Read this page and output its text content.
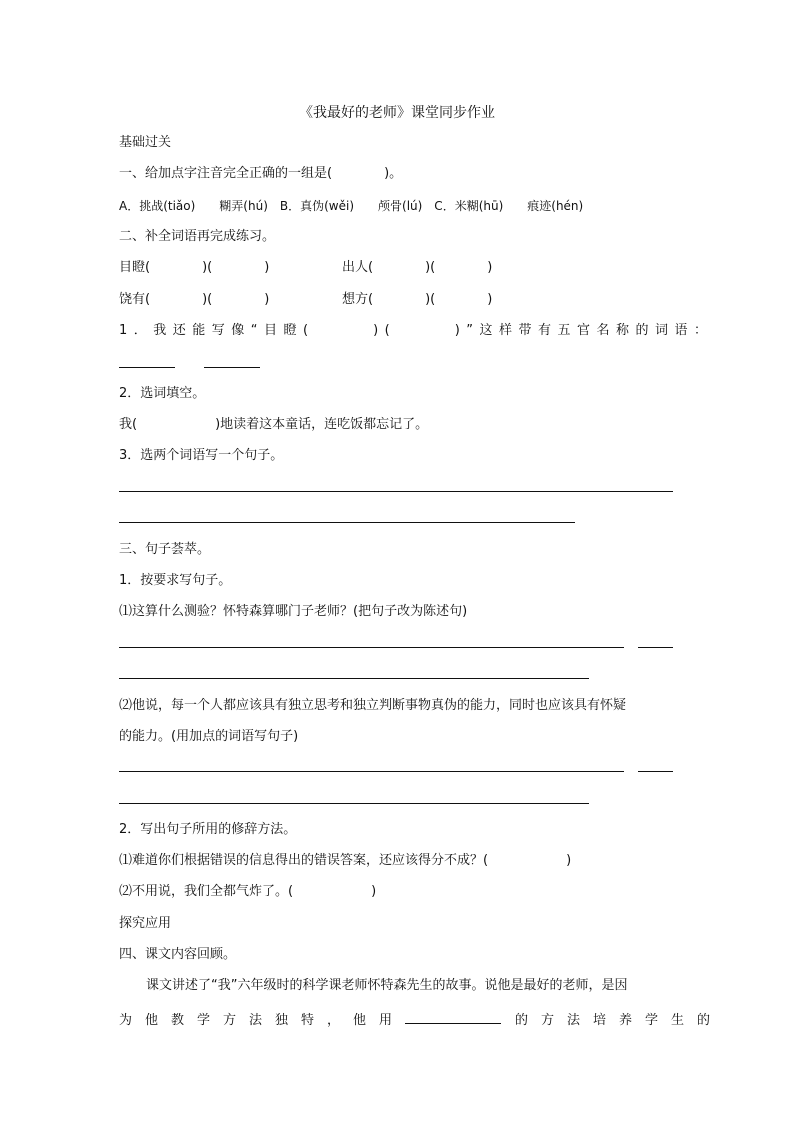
《我最好的老师》课堂同步作业
基础过关
一、给加点字注音完全正确的一组是(　　　　)。
A．挑战(tiǎo)　　糊弄(hú)　B．真伪(wěi)　　颅骨(lú)　C．米糊(hū)　　痕迹(hén)
二、补全词语再完成练习。
目瞪(　　　　)(　　　　)	出人(　　　　)(　　　　)
饶有(　　　　)(　　　　)	想方(　　　　)(　　　　)
1．我还能写像“目瞪(　　　)(　　　)”这样带有五官名称的词语：
2．选词填空。
我(　　　　　　)地读着这本童话，连吃饭都忘记了。
3．选两个词语写一个句子。
三、句子荟萃。
1．按要求写句子。
⑴这算什么测验？怀特森算哪门子老师？(把句子改为陈述句)
⑵他说，每一个人都应该具有独立思考和独立判断事物真伪的能力，同时也应该具有怀疑
的能力。(用加点的词语写句子)
2．写出句子所用的修辞方法。
⑴难道你们根据错误的信息得出的错误答案，还应该得分不成？(　　　　　　)
⑵不用说，我们全都气炸了。(　　　　　　)
探究应用
四、课文内容回顾。
课文讲述了“我”六年级时的科学课老师怀特森先生的故事。说他是最好的老师，是因
为他教学方法独特，他用	的方法培养学生的
